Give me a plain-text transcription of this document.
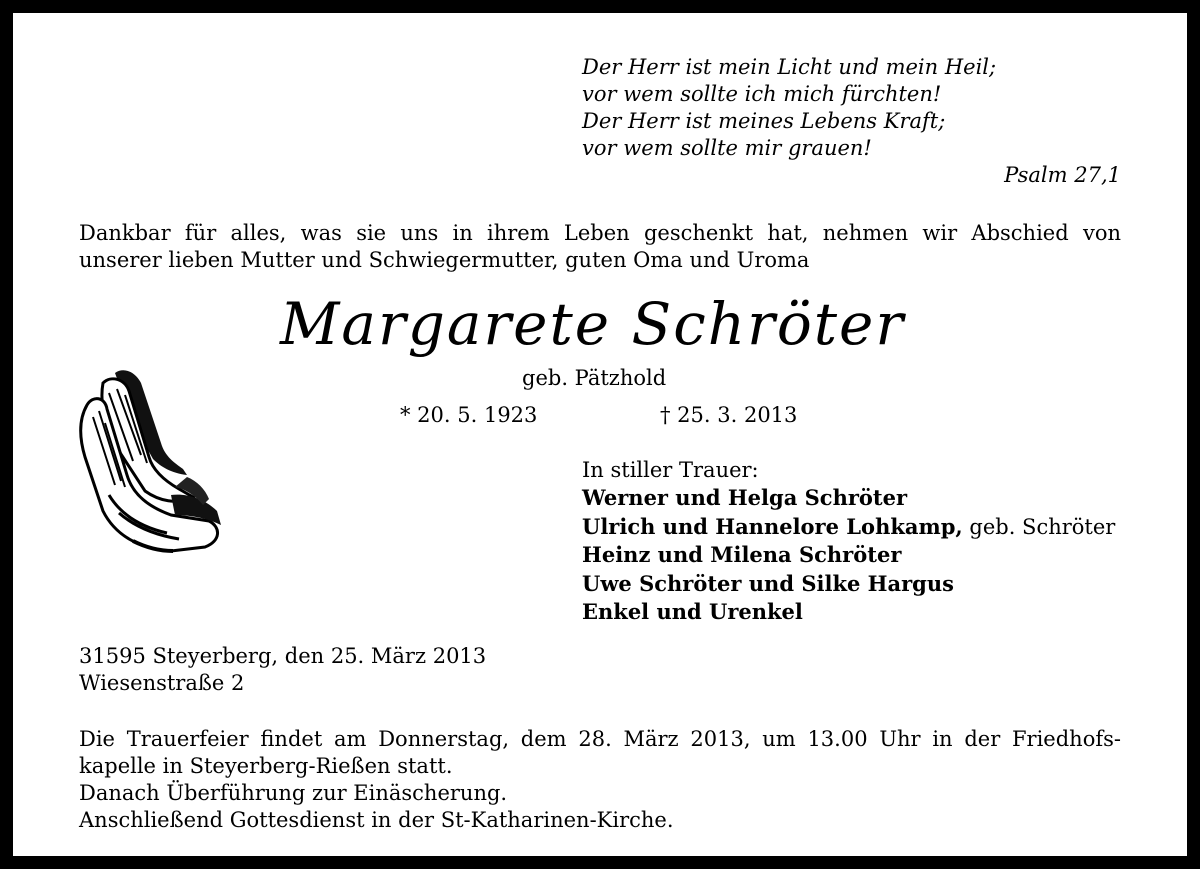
Der Herr ist mein Licht und mein Heil;
vor wem sollte ich mich fürchten!
Der Herr ist meines Lebens Kraft;
vor wem sollte mir grauen!
Psalm 27,1
Dankbar für alles, was sie uns in ihrem Leben geschenkt hat, nehmen wir Abschied von
unserer lieben Mutter und Schwiegermutter, guten Oma und Uroma
Margarete Schröter
geb. Pätzhold
* 20. 5. 1923	† 25. 3. 2013
In stiller Trauer:
Werner und Helga Schröter
Ulrich und Hannelore Lohkamp, geb. Schröter
Heinz und Milena Schröter
Uwe Schröter und Silke Hargus
Enkel und Urenkel
31595 Steyerberg, den 25. März 2013
Wiesenstraße 2
Die Trauerfeier findet am Donnerstag, dem 28. März 2013, um 13.00 Uhr in der Friedhofs-
kapelle in Steyerberg-Rießen statt.
Danach Überführung zur Einäscherung.
Anschließend Gottesdienst in der St-Katharinen-Kirche.
